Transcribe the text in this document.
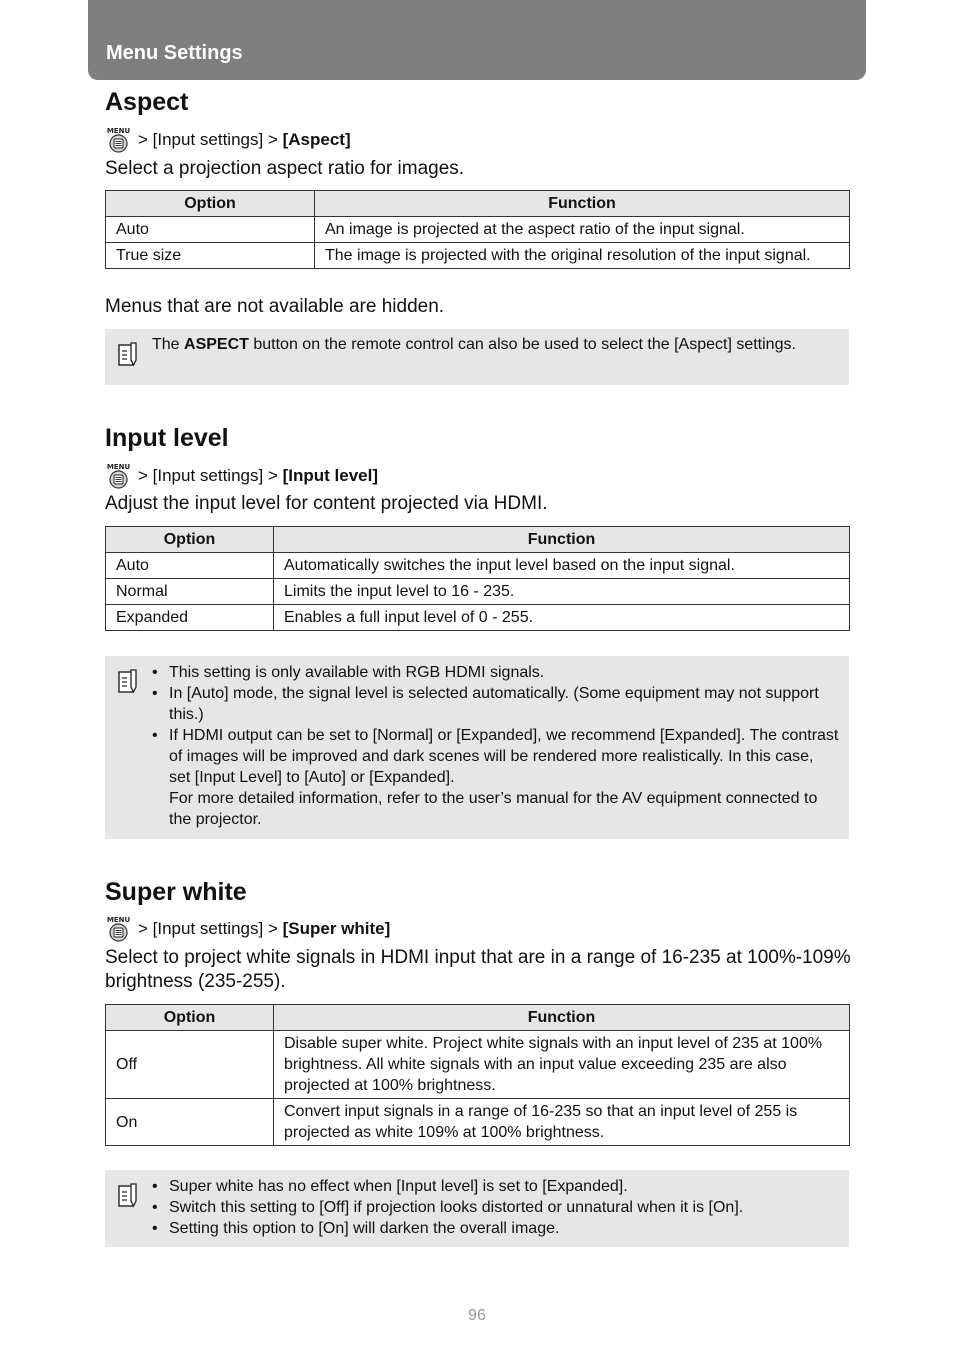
Menu Settings
Aspect
MENU > [Input settings] >
[Aspect]
Select a projection aspect ratio for images.
Option	Function
Auto	An image is projected at the aspect ratio of the input signal.
True size	The image is projected with the original resolution of the input signal.
Menus that are not available are hidden.
The ASPECT button on the remote control can also be used to select the [Aspect] settings.
Input level
MENU > [Input settings] >
[Input level]
Adjust the input level for content projected via HDMI.
Option	Function
Auto	Automatically switches the input level based on the input signal.
Normal	Limits the input level to 16 - 235.
Expanded	Enables a full input level of 0 - 255.
• This setting is only available with RGB HDMI signals.
• In [Auto] mode, the signal level is selected automatically. (Some equipment may not support this.)
• If HDMI output can be set to [Normal] or [Expanded], we recommend [Expanded]. The contrast of images will be improved and dark scenes will be rendered more realistically. In this case, set [Input Level] to [Auto] or [Expanded].
For more detailed information, refer to the user’s manual for the AV equipment connected to the projector.
Super white
MENU > [Input settings] >
[Super white]
Select to project white signals in HDMI input that are in a range of 16-235 at 100%-109% brightness (235-255).
Option	Function
Off	Disable super white. Project white signals with an input level of 235 at 100% brightness. All white signals with an input value exceeding 235 are also projected at 100% brightness.
On	Convert input signals in a range of 16-235 so that an input level of 255 is projected as white 109% at 100% brightness.
• Super white has no effect when [Input level] is set to [Expanded].
• Switch this setting to [Off] if projection looks distorted or unnatural when it is [On].
• Setting this option to [On] will darken the overall image.
96
